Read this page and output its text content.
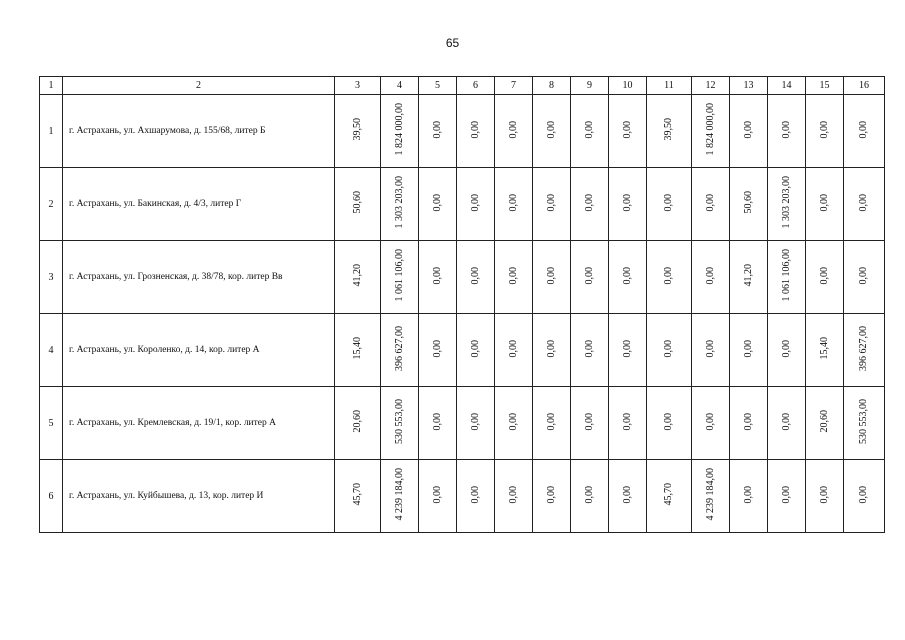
65
1	2	3	4	5	6	7	8	9	10	11	12	13	14	15	16
1	г. Астрахань, ул. Ахшарумова, д. 155/68, литер Б	39,50	1 824 000,00	0,00	0,00	0,00	0,00	0,00	0,00	39,50	1 824 000,00	0,00	0,00	0,00	0,00
2	г. Астрахань, ул. Бакинская, д. 4/3, литер Г	50,60	1 303 203,00	0,00	0,00	0,00	0,00	0,00	0,00	0,00	0,00	50,60	1 303 203,00	0,00	0,00
3	г. Астрахань, ул. Грозненская, д. 38/78, кор. литер Вв	41,20	1 061 106,00	0,00	0,00	0,00	0,00	0,00	0,00	0,00	0,00	41,20	1 061 106,00	0,00	0,00
4	г. Астрахань, ул. Короленко, д. 14, кор. литер А	15,40	396 627,00	0,00	0,00	0,00	0,00	0,00	0,00	0,00	0,00	0,00	0,00	15,40	396 627,00
5	г. Астрахань, ул. Кремлевская, д. 19/1, кор. литер А	20,60	530 553,00	0,00	0,00	0,00	0,00	0,00	0,00	0,00	0,00	0,00	0,00	20,60	530 553,00
6	г. Астрахань, ул. Куйбышева, д. 13, кор. литер И	45,70	4 239 184,00	0,00	0,00	0,00	0,00	0,00	0,00	45,70	4 239 184,00	0,00	0,00	0,00	0,00
